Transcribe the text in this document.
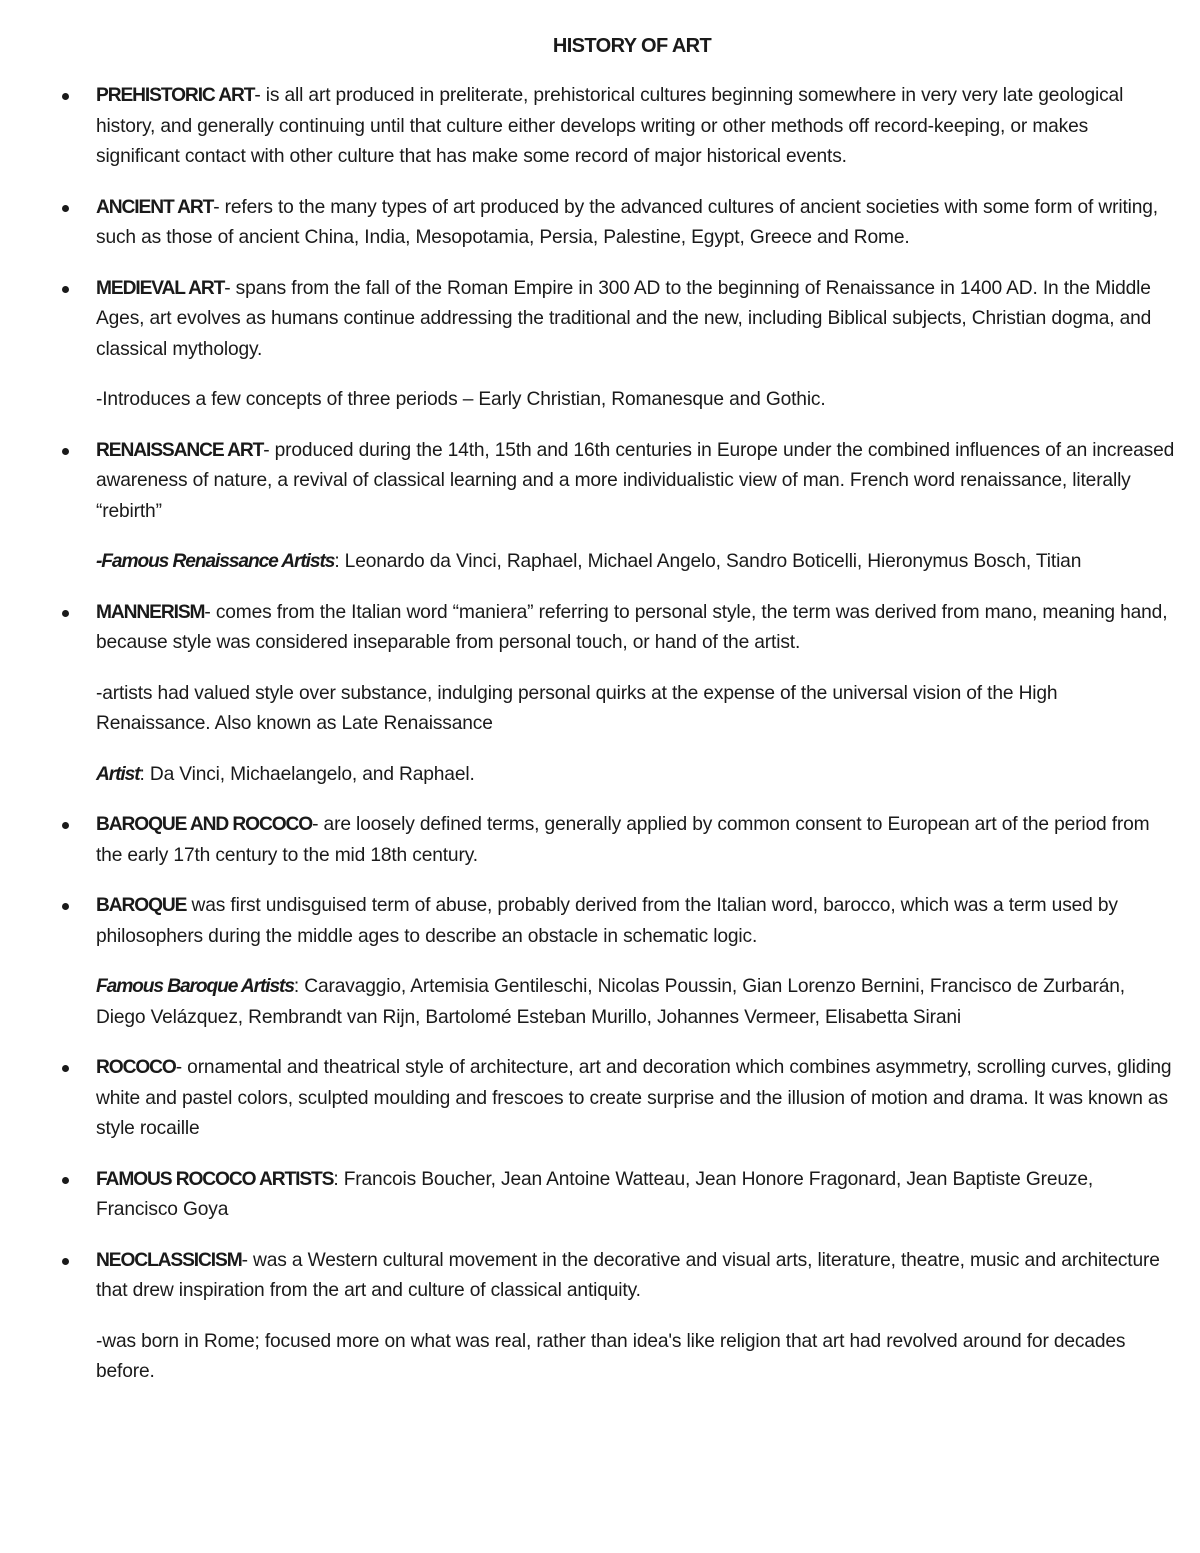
HISTORY OF ART
PREHISTORIC ART- is all art produced in preliterate, prehistorical cultures beginning somewhere in very very late geological history, and generally continuing until that culture either develops writing or other methods off record-keeping, or makes significant contact with other culture that has make some record of major historical events.
ANCIENT ART- refers to the many types of art produced by the advanced cultures of ancient societies with some form of writing, such as those of ancient China, India, Mesopotamia, Persia, Palestine, Egypt, Greece and Rome.
MEDIEVAL ART- spans from the fall of the Roman Empire in 300 AD to the beginning of Renaissance in 1400 AD. In the Middle Ages, art evolves as humans continue addressing the traditional and the new, including Biblical subjects, Christian dogma, and classical mythology.
-Introduces a few concepts of three periods – Early Christian, Romanesque and Gothic.
RENAISSANCE ART- produced during the 14th, 15th and 16th centuries in Europe under the combined influences of an increased awareness of nature, a revival of classical learning and a more individualistic view of man. French word renaissance, literally “rebirth”
-Famous Renaissance Artists: Leonardo da Vinci, Raphael, Michael Angelo, Sandro Boticelli, Hieronymus Bosch, Titian
MANNERISM- comes from the Italian word “maniera” referring to personal style, the term was derived from mano, meaning hand, because style was considered inseparable from personal touch, or hand of the artist.
-artists had valued style over substance, indulging personal quirks at the expense of the universal vision of the High Renaissance. Also known as Late Renaissance
Artist: Da Vinci, Michaelangelo, and Raphael.
BAROQUE AND ROCOCO- are loosely defined terms, generally applied by common consent to European art of the period from the early 17th century to the mid 18th century.
BAROQUE was first undisguised term of abuse, probably derived from the Italian word, barocco, which was a term used by philosophers during the middle ages to describe an obstacle in schematic logic.
Famous Baroque Artists: Caravaggio, Artemisia Gentileschi, Nicolas Poussin, Gian Lorenzo Bernini, Francisco de Zurbarán, Diego Velázquez, Rembrandt van Rijn, Bartolomé Esteban Murillo, Johannes Vermeer, Elisabetta Sirani
ROCOCO- ornamental and theatrical style of architecture, art and decoration which combines asymmetry, scrolling curves, gliding white and pastel colors, sculpted moulding and frescoes to create surprise and the illusion of motion and drama. It was known as style rocaille
FAMOUS ROCOCO ARTISTS: Francois Boucher, Jean Antoine Watteau, Jean Honore Fragonard, Jean Baptiste Greuze, Francisco Goya
NEOCLASSICISM- was a Western cultural movement in the decorative and visual arts, literature, theatre, music and architecture that drew inspiration from the art and culture of classical antiquity.
-was born in Rome; focused more on what was real, rather than idea's like religion that art had revolved around for decades before.
